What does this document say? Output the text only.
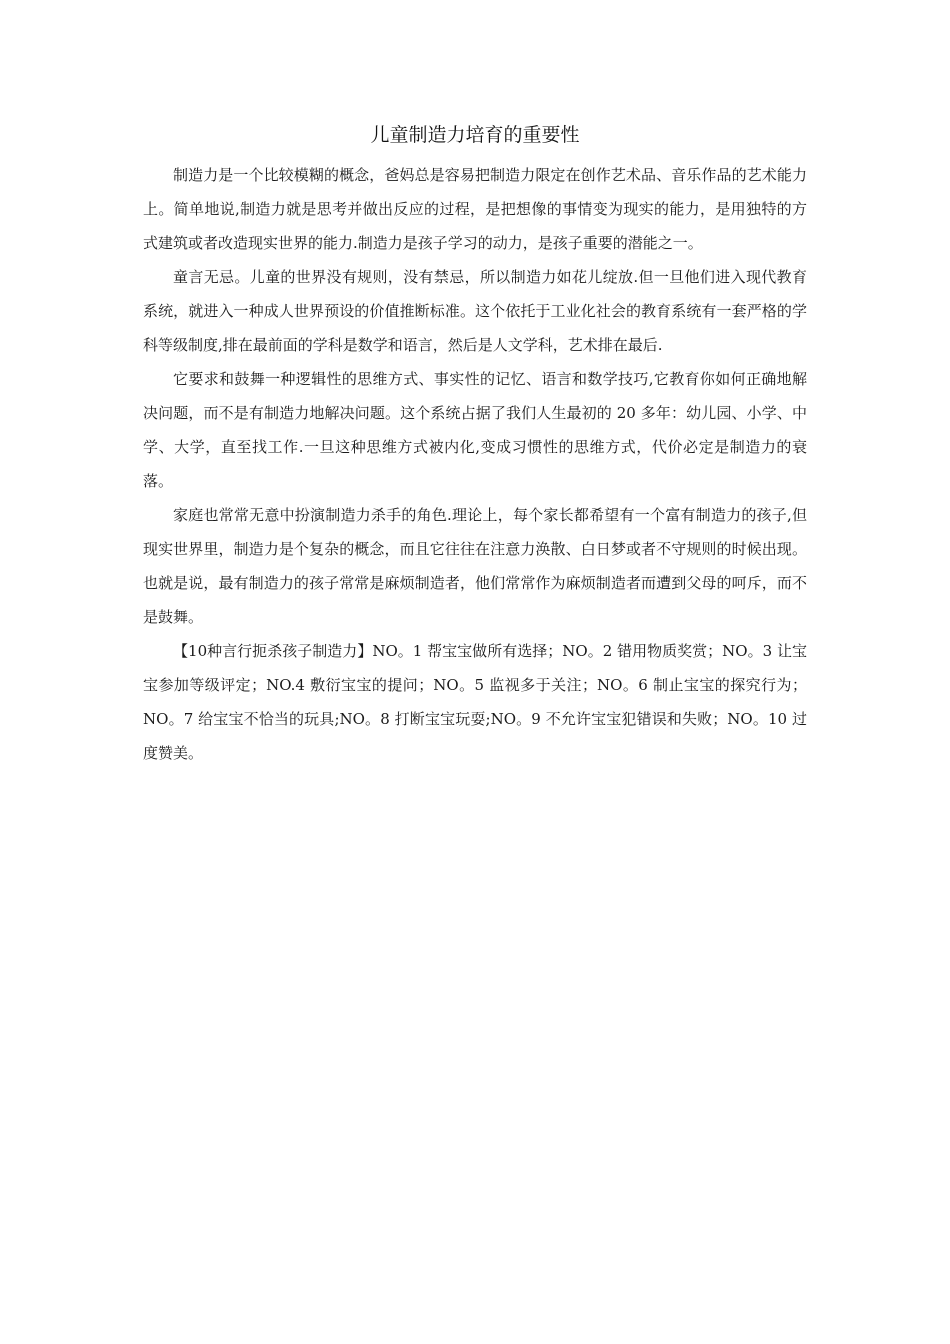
儿童制造力培育的重要性

制造力是一个比较模糊的概念，爸妈总是容易把制造力限定在创作艺术品、音乐作品的艺术能力上。简单地说,制造力就是思考并做出反应的过程，是把想像的事情变为现实的能力，是用独特的方式建筑或者改造现实世界的能力.制造力是孩子学习的动力，是孩子重要的潜能之一。

童言无忌。儿童的世界没有规则，没有禁忌，所以制造力如花儿绽放.但一旦他们进入现代教育系统，就进入一种成人世界预设的价值推断标准。这个依托于工业化社会的教育系统有一套严格的学科等级制度,排在最前面的学科是数学和语言，然后是人文学科，艺术排在最后.

它要求和鼓舞一种逻辑性的思维方式、事实性的记忆、语言和数学技巧,它教育你如何正确地解决问题，而不是有制造力地解决问题。这个系统占据了我们人生最初的 20 多年：幼儿园、小学、中学、大学，直至找工作.一旦这种思维方式被内化,变成习惯性的思维方式，代价必定是制造力的衰落。

家庭也常常无意中扮演制造力杀手的角色.理论上，每个家长都希望有一个富有制造力的孩子,但现实世界里，制造力是个复杂的概念，而且它往往在注意力涣散、白日梦或者不守规则的时候出现。也就是说，最有制造力的孩子常常是麻烦制造者，他们常常作为麻烦制造者而遭到父母的呵斥，而不是鼓舞。

【10种言行扼杀孩子制造力】NO。1 帮宝宝做所有选择；NO。2 错用物质奖赏；NO。3 让宝宝参加等级评定；NO.4 敷衍宝宝的提问；NO。5 监视多于关注；NO。6 制止宝宝的探究行为；NO。7 给宝宝不恰当的玩具;NO。8 打断宝宝玩耍;NO。9 不允许宝宝犯错误和失败；NO。10 过度赞美。
